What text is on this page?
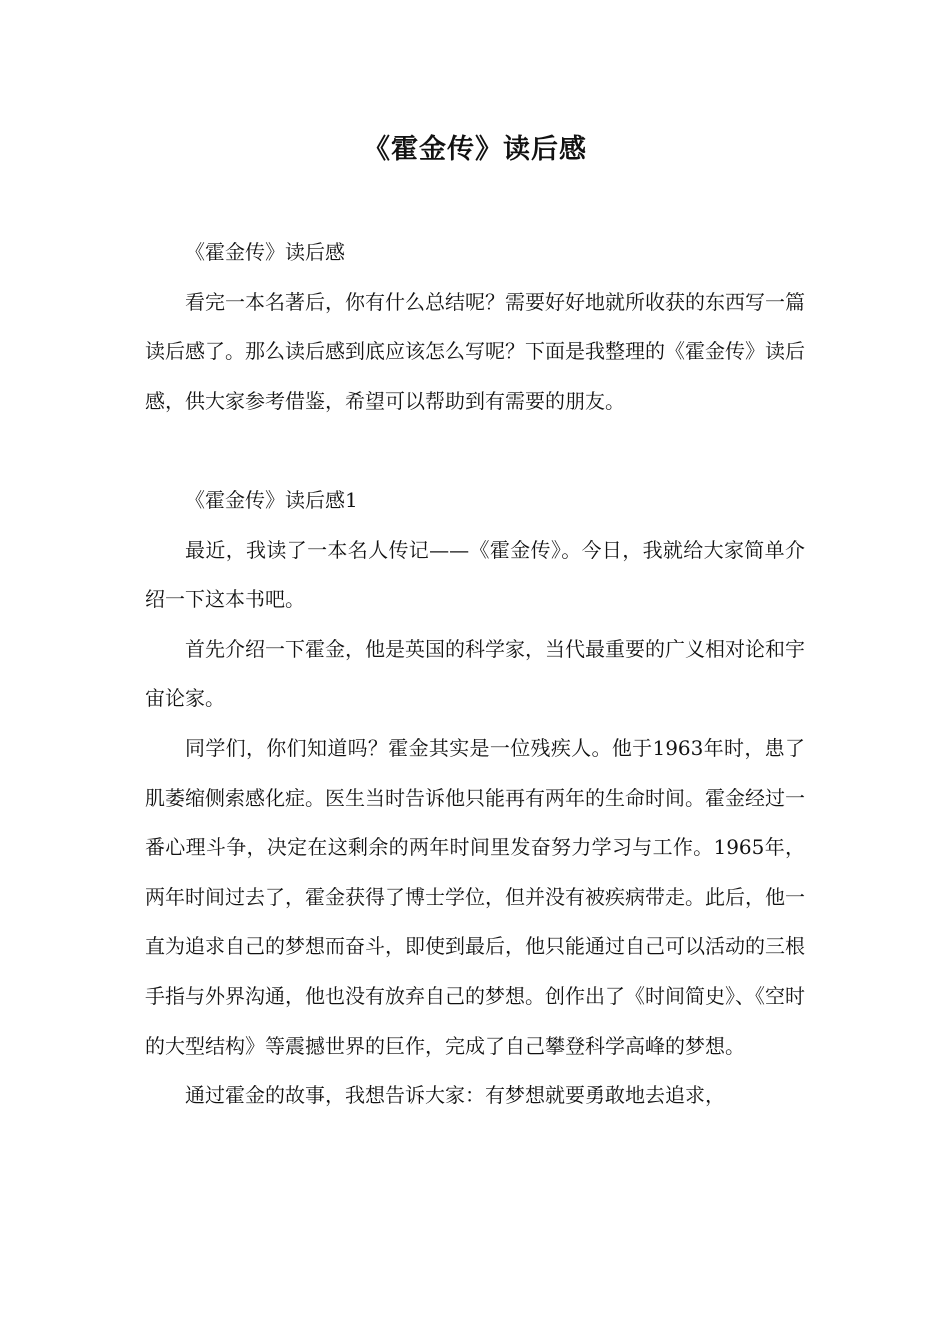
《霍金传》读后感

《霍金传》读后感

看完一本名著后，你有什么总结呢？需要好好地就所收获的东西写一篇读后感了。那么读后感到底应该怎么写呢？下面是我整理的《霍金传》读后感，供大家参考借鉴，希望可以帮助到有需要的朋友。

《霍金传》读后感1

最近，我读了一本名人传记——《霍金传》。今日，我就给大家简单介绍一下这本书吧。

首先介绍一下霍金，他是英国的科学家，当代最重要的广义相对论和宇宙论家。

同学们，你们知道吗？霍金其实是一位残疾人。他于1963年时，患了肌萎缩侧索感化症。医生当时告诉他只能再有两年的生命时间。霍金经过一番心理斗争，决定在这剩余的两年时间里发奋努力学习与工作。1965年，两年时间过去了，霍金获得了博士学位，但并没有被疾病带走。此后，他一直为追求自己的梦想而奋斗，即使到最后，他只能通过自己可以活动的三根手指与外界沟通，他也没有放弃自己的梦想。创作出了《时间简史》、《空时的大型结构》等震撼世界的巨作，完成了自己攀登科学高峰的梦想。

通过霍金的故事，我想告诉大家：有梦想就要勇敢地去追求，
